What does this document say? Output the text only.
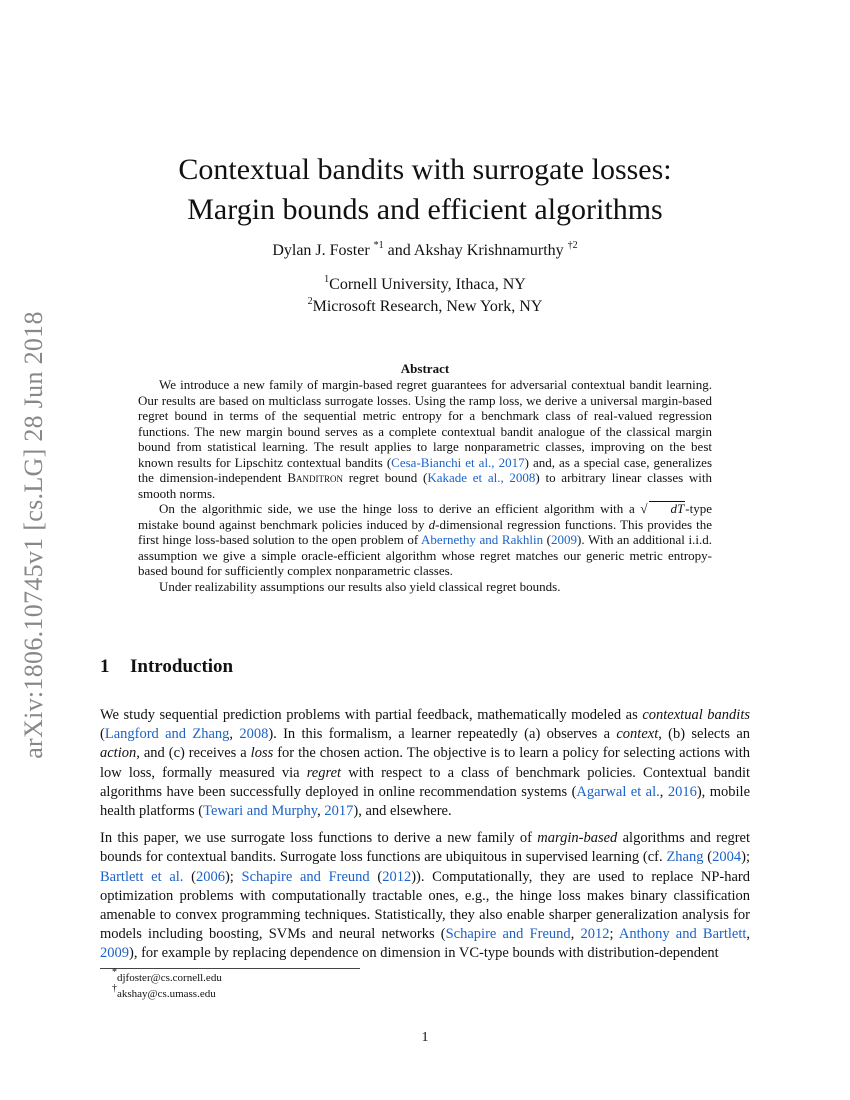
arXiv:1806.10745v1 [cs.LG] 28 Jun 2018
Contextual bandits with surrogate losses:
Margin bounds and efficient algorithms
Dylan J. Foster $^{*1}$ and Akshay Krishnamurthy $^{\dagger 2}$
$^1$Cornell University, Ithaca, NY
$^2$Microsoft Research, New York, NY
Abstract

We introduce a new family of margin-based regret guarantees for adversarial contextual bandit learning. Our results are based on multiclass surrogate losses. Using the ramp loss, we derive a universal margin-based regret bound in terms of the sequential metric entropy for a benchmark class of real-valued regression functions. The new margin bound serves as a complete contextual bandit analogue of the classical margin bound from statistical learning. The result applies to large nonparametric classes, improving on the best known results for Lipschitz contextual bandits (Cesa-Bianchi et al., 2017) and, as a special case, generalizes the dimension-independent Banditron regret bound (Kakade et al., 2008) to arbitrary linear classes with smooth norms.

On the algorithmic side, we use the hinge loss to derive an efficient algorithm with a √ dT-type mistake bound against benchmark policies induced by d-dimensional regression functions. This provides the first hinge loss-based solution to the open problem of Abernethy and Rakhlin (2009). With an additional i.i.d. assumption we give a simple oracle-efficient algorithm whose regret matches our generic metric entropy-based bound for sufficiently complex nonparametric classes.

Under realizability assumptions our results also yield classical regret bounds.

1 Introduction

We study sequential prediction problems with partial feedback, mathematically modeled as contextual bandits (Langford and Zhang, 2008). In this formalism, a learner repeatedly (a) observes a context, (b) selects an action, and (c) receives a loss for the chosen action. The objective is to learn a policy for selecting actions with low loss, formally measured via regret with respect to a class of benchmark policies. Contextual bandit algorithms have been successfully deployed in online recommendation systems (Agarwal et al., 2016), mobile health platforms (Tewari and Murphy, 2017), and elsewhere.

In this paper, we use surrogate loss functions to derive a new family of margin-based algorithms and regret bounds for contextual bandits. Surrogate loss functions are ubiquitous in supervised learning (cf. Zhang (2004); Bartlett et al. (2006); Schapire and Freund (2012)). Computationally, they are used to replace NP-hard optimization problems with computationally tractable ones, e.g., the hinge loss makes binary classification amenable to convex programming techniques. Statistically, they also enable sharper generalization analysis for models including boosting, SVMs and neural networks (Schapire and Freund, 2012; Anthony and Bartlett, 2009), for example by replacing dependence on dimension in VC-type bounds with distribution-dependent

*djfoster@cs.cornell.edu
†akshay@cs.umass.edu
1
